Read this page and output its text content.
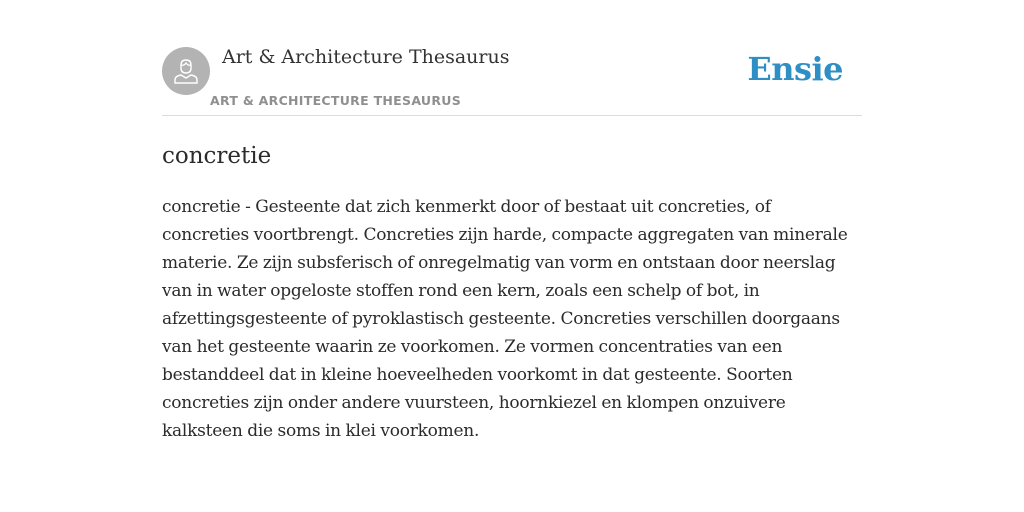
Art & Architecture Thesaurus
ART & ARCHITECTURE THESAURUS
Ensie
concretie

concretie - Gesteente dat zich kenmerkt door of bestaat uit concreties, of concreties voortbrengt. Concreties zijn harde, compacte aggregaten van minerale materie. Ze zijn subsferisch of onregelmatig van vorm en ontstaan door neerslag van in water opgeloste stoffen rond een kern, zoals een schelp of bot, in afzettingsgesteente of pyroklastisch gesteente. Concreties verschillen doorgaans van het gesteente waarin ze voorkomen. Ze vormen concentraties van een bestanddeel dat in kleine hoeveelheden voorkomt in dat gesteente. Soorten concreties zijn onder andere vuursteen, hoornkiezel en klompen onzuivere kalksteen die soms in klei voorkomen.
